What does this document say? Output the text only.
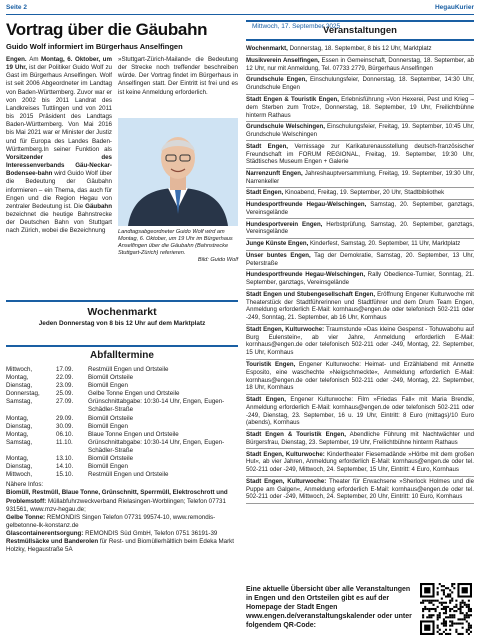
Seite 2	HegauKurier
Mittwoch, 17. September 2025
Vortrag über die Gäubahn
Guido Wolf informiert im Bürgerhaus Anselfingen
Engen. Am Montag, 6. Oktober, um 19 Uhr, ist der Politiker Guido Wolf zu Gast im Bürgerhaus Anselfingen. Wolf ist seit 2006 Abgeordneter im Landtag von Baden-Württemberg. Zuvor war er von 2002 bis 2011 Landrat des Landkreises Tuttlingen und von 2011 bis 2015 Präsident des Landtags Baden-Württemberg. Von Mai 2016 bis Mai 2021 war er Minister der Justiz und für Europa des Landes Baden-Württemberg.In seiner Funktion als Vorsitzender des Interessenverbands Gäu-Neckar-Bodensee-bahn wird Guido Wolf über die Bedeutung der Gäubahn informieren – ein Thema, das auch für Engen und die Region Hegau von zentraler Bedeutung ist. Die Gäubahn bezeichnet die heutige Bahnstrecke der Deutschen Bahn von Stuttgart nach Zürich, wobei die Bezeichnung
»Stuttgart-Zürich-Mailand« die Bedeutung der Strecke noch treffender beschreiben würde. Der Vortrag findet im Bürgerhaus in Anselfingen statt. Der Eintritt ist frei und es ist keine Anmeldung erforderlich.
Landtagsabgeordneter Guido Wolf wird am Montag, 6. Oktober, um 19 Uhr im Bürgerhaus Anselfingen über die Gäubahn (Bahnstrecke Stuttgart-Zürich) referieren.
Bild: Guido Wolf
Wochenmarkt
Jeden Donnerstag von 8 bis 12 Uhr auf dem Marktplatz
Abfalltermine
Mittwoch,	17.09.	Restmüll Engen und Ortsteile

Montag,	22.09.	Biomüll Ortsteile

Dienstag,	23.09.	Biomüll Engen

Donnerstag,	25.09.	Gelbe Tonne Engen und Ortsteile

Samstag,	27.09.	Grünschnittabgabe: 10:30-14 Uhr, Engen, Eugen-Schädler-Straße

Montag,	29.09.	Biomüll Ortsteile

Dienstag,	30.09.	Biomüll Engen

Montag,	06.10.	Blaue Tonne Engen und Ortsteile

Samstag,	11.10.	Grünschnittabgabe: 10:30-14 Uhr, Engen, Eugen-Schädler-Straße

Montag,	13.10.	Biomüll Ortsteile

Dienstag,	14.10.	Biomüll Engen

Mittwoch,	15.10.	Restmüll Engen und Ortsteile
Nähere Infos:
Biomüll, Restmüll, Blaue Tonne, Grünschnitt, Sperrmüll, Elektroschrott und Problemstoff: Müllabfuhrzweckverband Rielasingen-Worblingen; Telefon 07731 931561, www.mzv-hegau.de;
Gelbe Tonne: REMONDIS Singen Telefon 07731 99574-10, www.remondis-gelbetonne-lk-konstanz.de
Glascontainerentsorgung: REMONDIS Süd GmbH, Telefon 0751 36191-39
Restmüllsäcke und Banderolen für Rest- und Biomüllerhältlich beim Edeka Markt Holzky, Hegaustraße 5A
Veranstaltungen
Wochenmarkt, Donnerstag, 18. September, 8 bis 12 Uhr, Marktplatz
Musikverein Anselfingen, Essen in Gemeinschaft, Donnerstag, 18. September, ab 12 Uhr, nur mit Anmeldung, Tel. 07733 2779, Bürgerhaus Anselfingen
Grundschule Engen, Einschulungsfeier, Donnerstag, 18. September, 14:30 Uhr, Grundschule Engen
Stadt Engen & Touristik Engen, Erlebnisführung »Von Hexerei, Pest und Krieg – dem Sterben zum Trotz«, Donnerstag, 18. September, 19 Uhr, Freilichtbühne hinterm Rathaus
Grundschule Welschingen, Einschulungsfeier, Freitag, 19. September, 10:45 Uhr, Grundschule Welschingen
Stadt Engen, Vernissage zur Karikaturenausstellung deutsch-französischer Freundschaft im FORUM REGIONAL, Freitag, 19. September, 19:30 Uhr, Städtisches Museum Engen + Galerie
Narrenzunft Engen, Jahreshauptversammlung, Freitag, 19. September, 19:30 Uhr, Narrenkeller
Stadt Engen, Kinoabend, Freitag, 19. September, 20 Uhr, Stadtbibliothek
Hundesportfreunde Hegau-Welschingen, Samstag, 20. September, ganztags, Vereinsgelände
Hundesportverein Engen, Herbstprüfung, Samstag, 20. September, ganztags, Vereinsgelände
Junge Künste Engen, Kinderfest, Samstag, 20. September, 11 Uhr, Marktplatz
Unser buntes Engen, Tag der Demokratie, Samstag, 20. September, 13 Uhr, Peterstraße
Hundesportfreunde Hegau-Welschingen, Rally Obedience-Turnier, Sonntag, 21. September, ganztags, Vereinsgelände
Stadt Engen und Stubengesellschaft Engen, Eröffnung Engener Kulturwoche mit Theaterstück der Stadtführerinnen und Stadtführer und dem Drum Team Engen, Anmeldung erforderlich E-Mail: kornhaus@engen.de oder telefonisch 502-211 oder -249, Sonntag, 21. September, ab 16 Uhr, Kornhaus
Stadt Engen, Kulturwoche: Traumstunde »Das kleine Gespenst - Tohuwabohu auf Burg Eulenstein«, ab vier Jahre, Anmeldung erforderlich E-Mail: kornhaus@engen.de oder telefonisch 502-211 oder -249, Montag, 22. September, 15 Uhr, Kornhaus
Touristik Engen, Engener Kulturwoche: Heimat- und Erzählabend mit Annette Esposito, eine waschechte »Neigschmeckte«, Anmeldung erforderlich E-Mail: kornhaus@engen.de oder telefonisch 502-211 oder -249, Montag, 22. September, 18 Uhr, Kornhaus
Stadt Engen, Engener Kulturwoche: Film »Friedas Fall« mit Maria Brendle, Anmeldung erforderlich E-Mail: kornhaus@engen.de oder telefonisch 502-211 oder -249, Dienstag, 23. September, 16 u. 19 Uhr, Eintritt: 8 Euro (mittags)/10 Euro (abends), Kornhaus
Stadt Engen & Touristik Engen, Abendliche Führung mit Nachtwächter und Bürgersfrau, Dienstag, 23. September, 19 Uhr, Freilichtbühne hinterm Rathaus
Stadt Engen, Kulturwoche: Kindertheater Fiesemadände »Hörbe mit dem großen Hut«, ab vier Jahren, Anmeldung erforderlich E-Mail: kornhaus@engen.de oder tel. 502-211 oder -249, Mittwoch, 24. September, 15 Uhr, Eintritt: 4 Euro, Kornhaus
Stadt Engen, Kulturwoche: Theater für Erwachsene »Sherlock Holmes und die Puppe am Galgen«, Anmeldung erforderlich E-Mail: kornhaus@engen.de oder tel. 502-211 oder -249, Mittwoch, 24. September, 20 Uhr, Eintritt: 10 Euro, Kornhaus
Eine aktuelle Übersicht über alle Veranstaltungen in Engen und den Ortsteilen gibt es auf der Homepage der Stadt Engen www.engen.de/veranstaltungskalender oder unter folgendem QR-Code:
